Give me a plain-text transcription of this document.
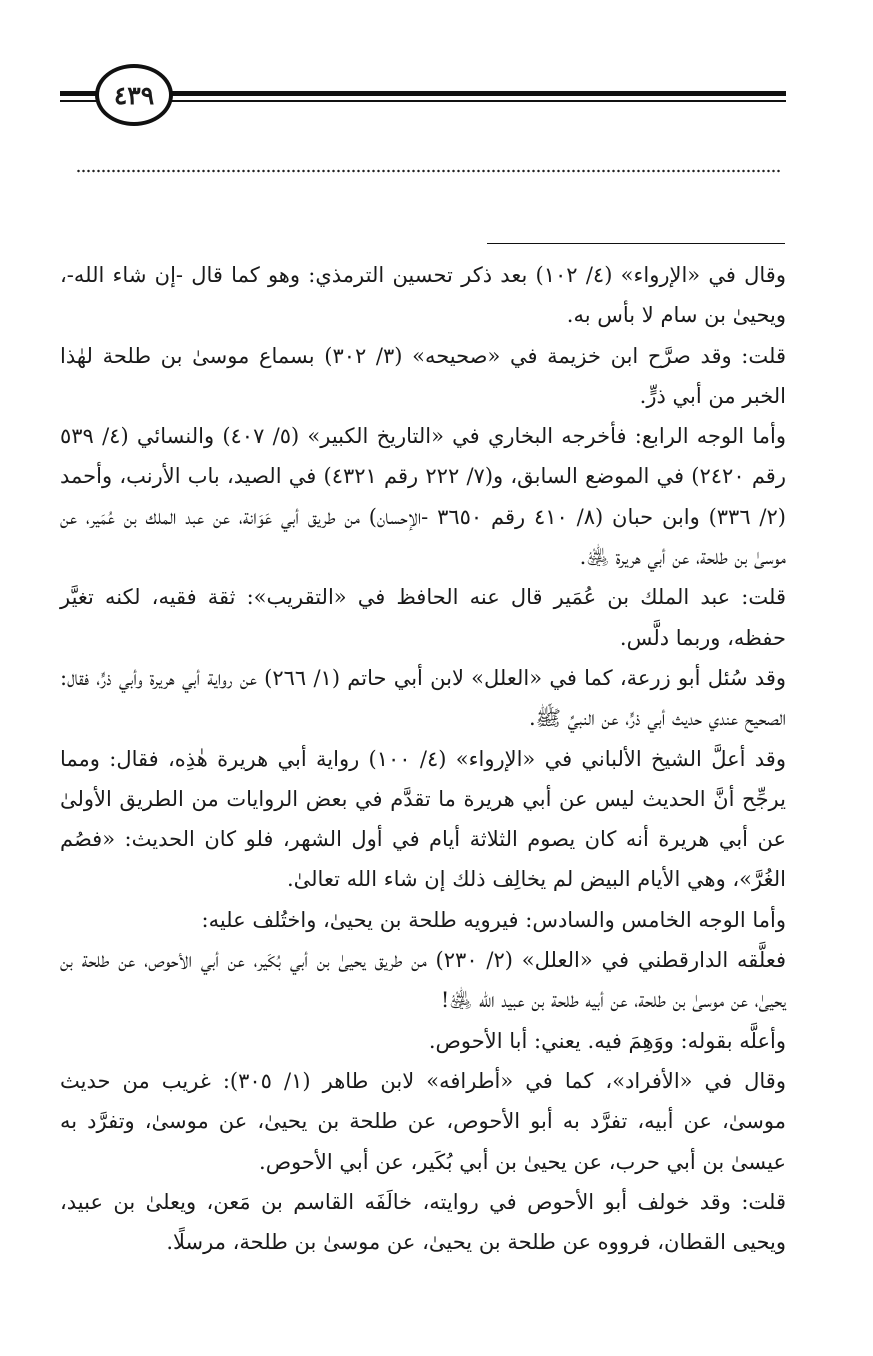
٤٣٩

وقال في «الإرواء» (٤/ ١٠٢) بعد ذكر تحسين الترمذي: وهو كما قال -إن شاء الله-، ويحيىٰ بن سام لا بأس به.

قلت: وقد صرَّح ابن خزيمة في «صحيحه» (٣/ ٣٠٢) بسماع موسىٰ بن طلحة لهٰذا الخبر من أبي ذرٍّ.

وأما الوجه الرابع: فأخرجه البخاري في «التاريخ الكبير» (٥/ ٤٠٧) والنسائي (٤/ ٥٣٩ رقم ٢٤٢٠) في الموضع السابق، و(٧/ ٢٢٢ رقم ٤٣٢١) في الصيد، باب الأرنب، وأحمد (٢/ ٣٣٦) وابن حبان (٨/ ٤١٠ رقم ٣٦٥٠ -الإحسان) من طريق أبي عَوَانة، عن عبد الملك بن عُمَير، عن موسىٰ بن طلحة، عن أبي هريرة ﵁.

قلت: عبد الملك بن عُمَير قال عنه الحافظ في «التقريب»: ثقة فقيه، لكنه تغيَّر حفظه، وربما دلَّس.

وقد سُئل أبو زرعة، كما في «العلل» لابن أبي حاتم (١/ ٢٦٦) عن رواية أبي هريرة وأبي ذرٍّ، فقال: الصحيح عندي حديث أبي ذرٍّ، عن النبيِّ ﷺ.

وقد أعلَّ الشيخ الألباني في «الإرواء» (٤/ ١٠٠) رواية أبي هريرة هٰذِه، فقال: ومما يرجِّح أنَّ الحديث ليس عن أبي هريرة ما تقدَّم في بعض الروايات من الطريق الأولىٰ عن أبي هريرة أنه كان يصوم الثلاثة أيام في أول الشهر، فلو كان الحديث: «فصُم الغُرَّ»، وهي الأيام البيض لم يخالِف ذلك إن شاء الله تعالىٰ.

وأما الوجه الخامس والسادس: فيرويه طلحة بن يحيىٰ، واختُلف عليه:

فعلَّقه الدارقطني في «العلل» (٢/ ٢٣٠) من طريق يحيىٰ بن أبي بُكَير، عن أبي الأحوص، عن طلحة بن يحيىٰ، عن موسىٰ بن طلحة، عن أبيه طلحة بن عبيد الله ﵁!

وأعلَّه بقوله: ووَهِمَ فيه. يعني: أبا الأحوص.

وقال في «الأفراد»، كما في «أطرافه» لابن طاهر (١/ ٣٠٥): غريب من حديث موسىٰ، عن أبيه، تفرَّد به أبو الأحوص، عن طلحة بن يحيىٰ، عن موسىٰ، وتفرَّد به عيسىٰ بن أبي حرب، عن يحيىٰ بن أبي بُكَير، عن أبي الأحوص.

قلت: وقد خولف أبو الأحوص في روايته، خالَفَه القاسم بن مَعن، ويعلىٰ بن عبيد، ويحيى القطان، فرووه عن طلحة بن يحيىٰ، عن موسىٰ بن طلحة، مرسلًا.
